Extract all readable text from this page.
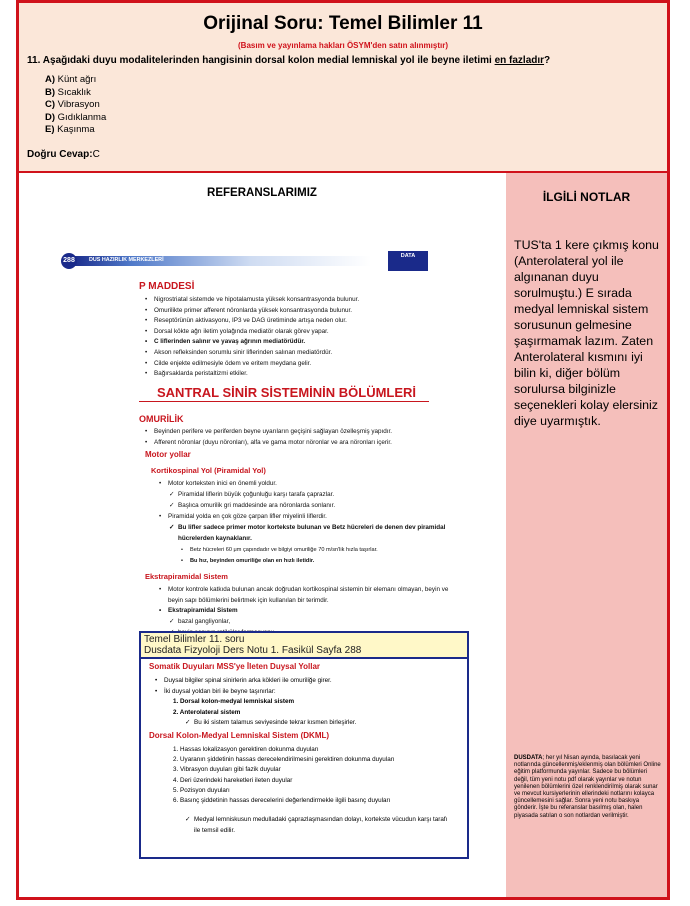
Orijinal Soru: Temel Bilimler 11
(Basım ve yayınlama hakları ÖSYM'den satın alınmıştır)
11. Aşağıdaki duyu modalitelerinden hangisinin dorsal kolon medial lemniskal yol ile beyne iletimi en fazladır?
A) Künt ağrı
B) Sıcaklık
C) Vibrasyon
D) Gıdıklanma
E) Kaşınma
Doğru Cevap:C
REFERANSLARIMIZ
288	DUS HAZIRLIK MERKEZLERİ
DATA
P MADDESİ
• Nigrostriatal sistemde ve hipotalamusta yüksek konsantrasyonda bulunur.
• Omurilikte primer afferent nöronlarda yüksek konsantrasyonda bulunur.
• Reseptörünün aktivasyonu, IP3 ve DAG üretiminde artışa neden olur.
• Dorsal kökte ağrı iletim yolağında mediatör olarak görev yapar.
• C liflerinden salınır ve yavaş ağrının mediatörüdür.
• Akson refleksinden sorumlu sinir liflerinden salınan mediatördür.
• Cilde enjekte edilmesiyle ödem ve eritem meydana gelir.
• Bağırsaklarda peristaltizmi etkiler.
SANTRAL SİNİR SİSTEMİNİN BÖLÜMLERİ
OMURİLİK
• Beyinden perifere ve periferden beyne uyarıların geçişini sağlayan özelleşmiş yapıdır.
• Afferent nöronlar (duyu nöronları), alfa ve gama motor nöronlar ve ara nöronları içerir.
Motor yollar
Kortikospinal Yol (Piramidal Yol)
• Motor korteksten inici en önemli yoldur.
✓ Piramidal liflerin büyük çoğunluğu karşı tarafa çaprazlar.
✓ Başlıca omurilik gri maddesinde ara nöronlarda sonlanır.
• Piramidal yolda en çok göze çarpan lifler miyelinli liflerdir.
✓ Bu lifler sadece primer motor kortekste bulunan ve Betz hücreleri de denen dev piramidal hücrelerden kaynaklanır.
• Betz hücreleri 60 μm çapındadır ve bilgiyi omuriliğe 70 m/sn'lik hızla taşırlar.
• Bu hız, beyinden omuriliğe olan en hızlı iletidir.
Ekstrapiramidal Sistem
• Motor kontrole katkıda bulunan ancak doğrudan kortikospinal sistemin bir elemanı olmayan, beyin ve beyin sapı bölümlerini belirtmek için kullanılan bir terimdir.
• Ekstrapiramidal Sistem
✓ bazal gangliyonlar,
✓
Temel Bilimler 11. soru
Dusdata Fizyoloji Ders Notu 1. Fasikül Sayfa 288
Somatik Duyuları MSS'ye İleten Duysal Yollar
• Duysal bilgiler spinal sinirlerin arka kökleri ile omuriliğe girer.
• İki duysal yoldan biri ile beyne taşınırlar:
1. Dorsal kolon-medyal lemniskal sistem
2. Anterolateral sistem
✓ Bu iki sistem talamus seviyesinde tekrar kısmen birleşirler.
Dorsal Kolon-Medyal Lemniskal Sistem (DKML)
1. Hassas lokalizasyon gerektiren dokunma duyuları
2. Uyaranın şiddetinin hassas derecelendirilmesini gerektiren dokunma duyuları
3. Vibrasyon duyuları gibi fazik duyular
4. Deri üzerindeki hareketleri ileten duyular
5. Pozisyon duyuları
6. Basınç şiddetinin hassas derecelerini değerlendirmekle ilgili basınç duyuları
✓ Medyal lemniskusun medulladaki çaprazlaşmasından dolayı, kortekste vücudun karşı tarafı ile temsil edilir.
İLGİLİ NOTLAR
TUS'ta 1 kere çıkmış konu (Anterolateral yol ile algınanan duyu sorulmuştu.) E sırada medyal lemniskal sistem sorusunun gelmesine şaşırmamak lazım. Zaten Anterolateral kısmını iyi bilin ki, diğer bölüm sorulursa bilginizle seçenekleri kolay elersiniz diye uyarmıştık.
DUSDATA; her yıl Nisan ayında, basılacak yeni notlarında güncellenmiş/eklenmiş olan bölümleri Online eğitim platformunda yayınlar. Sadece bu bölümleri değil, tüm yeni notu pdf olarak yayınlar ve notun yenilenen bölümlerini özel renklendirilmiş olarak sunar ve mevcut kursiyerlerinin ellerindeki notlarını kolayca güncellemesini sağlar. Sonra yeni notu baskıya gönderir. İşte bu referanslar basılmış olan, halen piyasada satılan o son notlardan verilmiştir.
